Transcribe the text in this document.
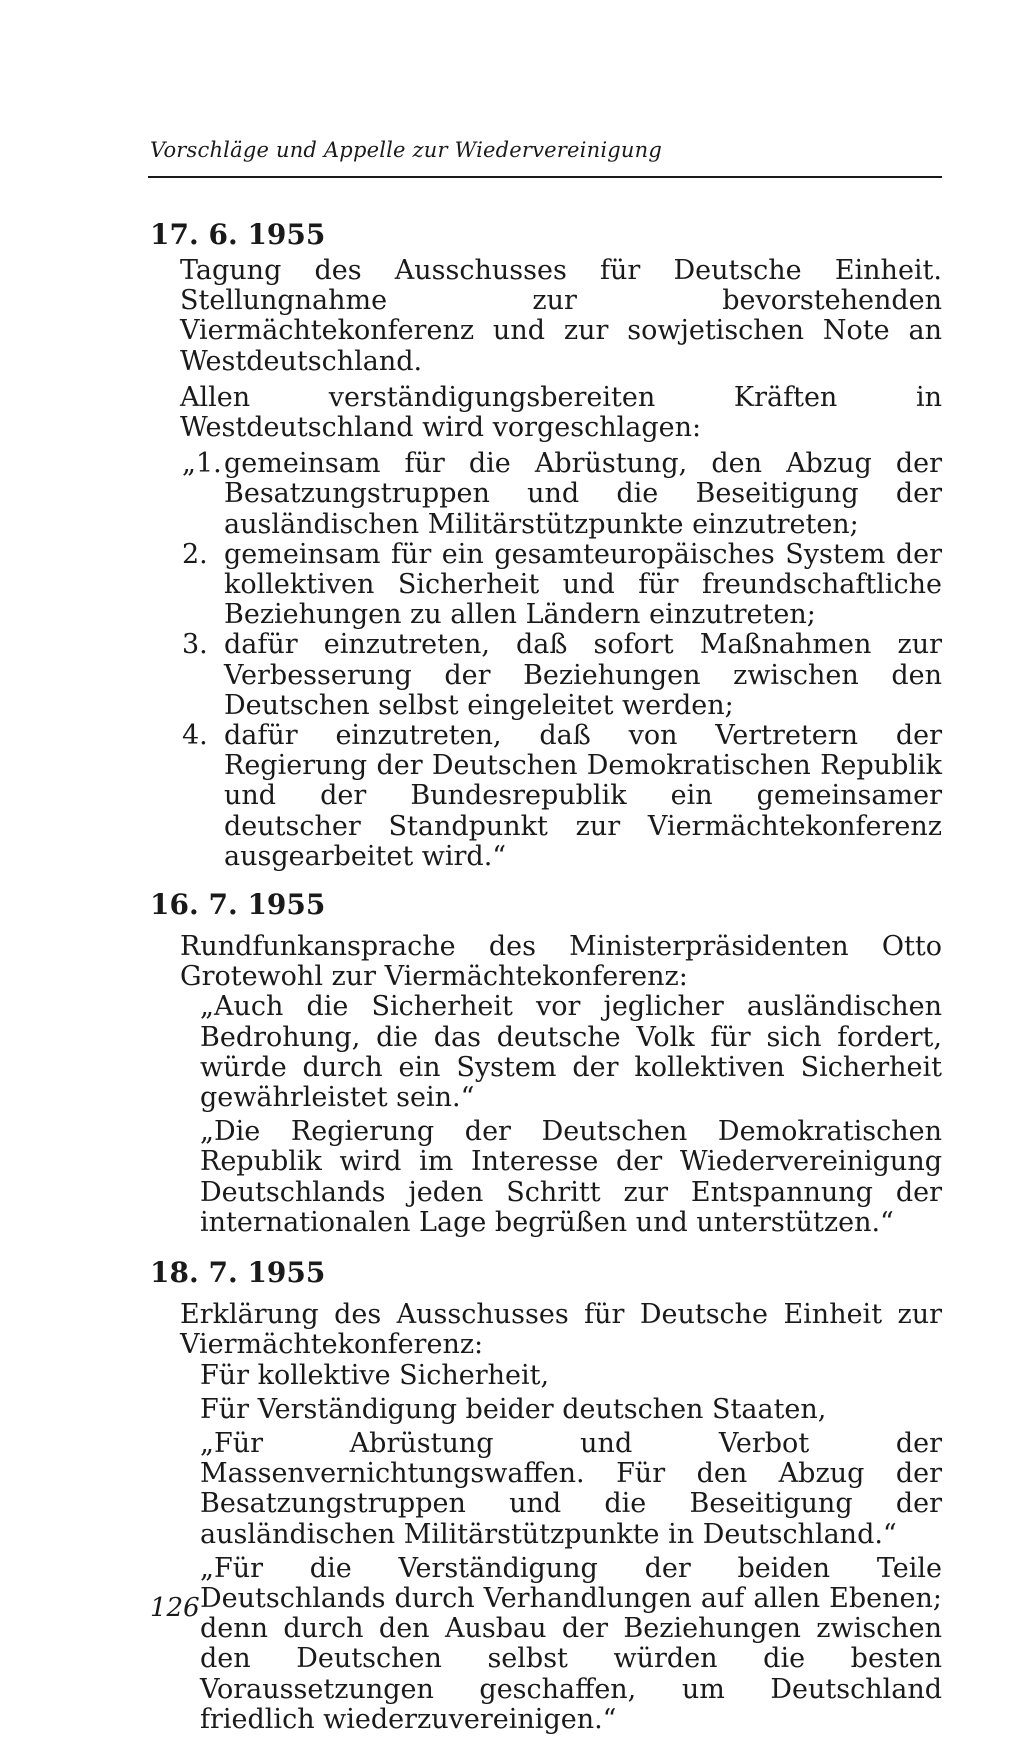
Vorschläge und Appelle zur Wiedervereinigung
17. 6. 1955

Tagung des Ausschusses für Deutsche Einheit. Stellungnahme zur bevorstehenden Viermächtekonferenz und zur sowjetischen Note an Westdeutschland.

Allen verständigungsbereiten Kräften in Westdeutschland wird vorgeschlagen:

„1. gemeinsam für die Abrüstung, den Abzug der Besatzungstruppen und die Beseitigung der ausländischen Militärstützpunkte einzutreten;
2. gemeinsam für ein gesamteuropäisches System der kollektiven Sicherheit und für freundschaftliche Beziehungen zu allen Ländern einzutreten;
3. dafür einzutreten, daß sofort Maßnahmen zur Verbesserung der Beziehungen zwischen den Deutschen selbst eingeleitet werden;
4. dafür einzutreten, daß von Vertretern der Regierung der Deutschen Demokratischen Republik und der Bundesrepublik ein gemeinsamer deutscher Standpunkt zur Viermächtekonferenz ausgearbeitet wird.“
16. 7. 1955

Rundfunkansprache des Ministerpräsidenten Otto Grotewohl zur Viermächtekonferenz:

„Auch die Sicherheit vor jeglicher ausländischen Bedrohung, die das deutsche Volk für sich fordert, würde durch ein System der kollektiven Sicherheit gewährleistet sein.“

„Die Regierung der Deutschen Demokratischen Republik wird im Interesse der Wiedervereinigung Deutschlands jeden Schritt zur Entspannung der internationalen Lage begrüßen und unterstützen.“

18. 7. 1955

Erklärung des Ausschusses für Deutsche Einheit zur Viermächtekonferenz:

Für kollektive Sicherheit,

Für Verständigung beider deutschen Staaten,

„Für Abrüstung und Verbot der Massenvernichtungswaffen. Für den Abzug der Besatzungstruppen und die Beseitigung der ausländischen Militärstützpunkte in Deutschland.“

„Für die Verständigung der beiden Teile Deutschlands durch Verhandlungen auf allen Ebenen; denn durch den Ausbau der Beziehungen zwischen den Deutschen selbst würden die besten Voraussetzungen geschaffen, um Deutschland friedlich wiederzuvereinigen.“

126
